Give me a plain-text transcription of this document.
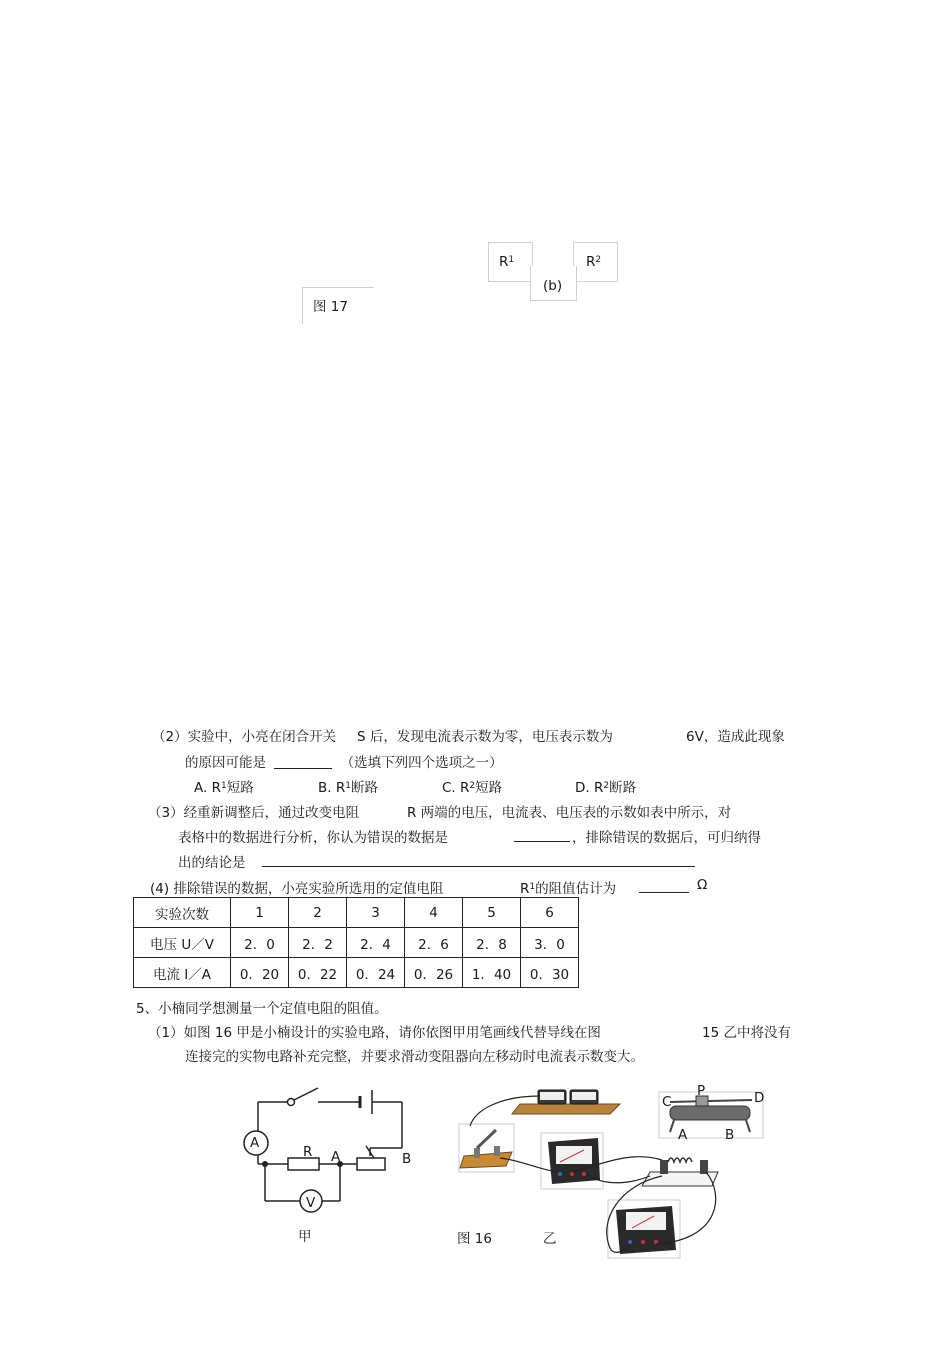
$R^1$	$R^2$
(b)
图 17
（2）实验中，小亮在闭合开关 S 后，发现电流表示数为零，电压表示数为	6V，造成此现象
的原因可能是	（选填下列四个选项之一）
A. $R^1$短路	B. $R^1$断路	C. $R^2$短路	D. $R^2$断路
（3）经重新调整后，通过改变电阻	R 两端的电压，电流表、电压表的示数如表中所示，对
表格中的数据进行分析，你认为错误的数据是	，排除错误的数据后，可归纳得
出的结论是
(4) 排除错误的数据，小亮实验所选用的定值电阻	$R^1$的阻值估计为	Ω
实验次数	1	2	3	4	5	6
电压 U／V	2．0	2．2	2．4	2．6	2．8	3．0
电流 I／A	0．20	0．22	0．24	0．26	1．40	0．30
5、小楠同学想测量一个定值电阻的阻值。
（1）如图 16 甲是小楠设计的实验电路，请你依图甲用笔画线代替导线在图	15 乙中将没有
连接完的实物电路补充完整，并要求滑动变阻器向左移动时电流表示数变大。
A
V
R A	B
甲	图 16	乙
P
C	D
A	B
